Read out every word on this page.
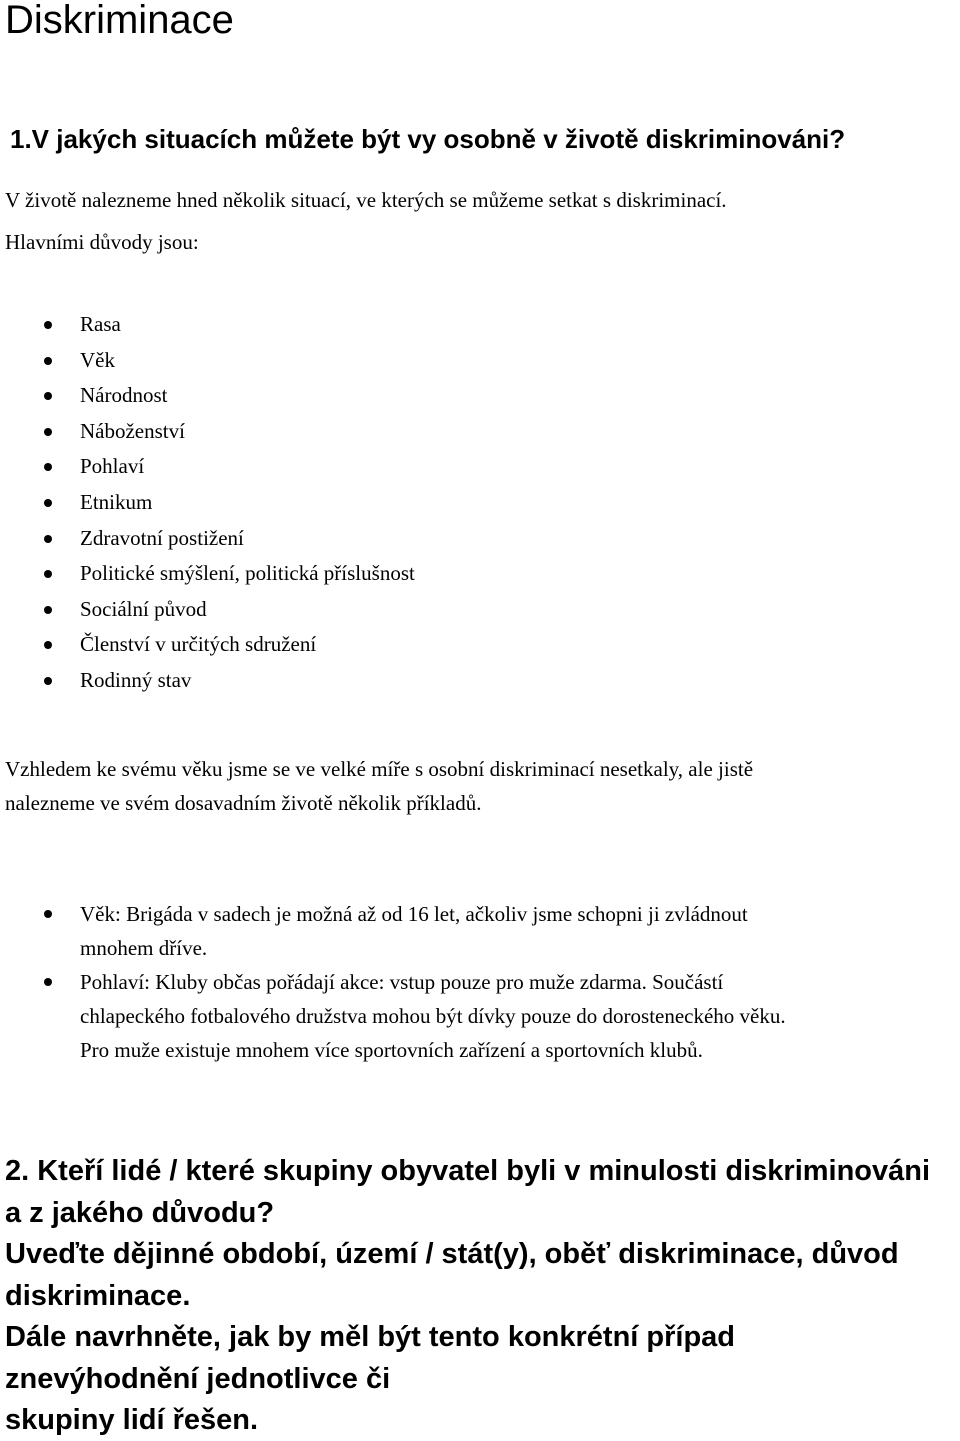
Diskriminace
1.V jakých situacích můžete být vy osobně v životě diskriminováni?

V životě nalezneme hned několik situací, ve kterých se můžeme setkat s diskriminací.

Hlavními důvody jsou:

Rasa
Věk
Národnost
Náboženství
Pohlaví
Etnikum
Zdravotní postižení
Politické smýšlení, politická příslušnost
Sociální původ
Členství v určitých sdružení
Rodinný stav

Vzhledem ke svému věku jsme se ve velké míře s osobní diskriminací nesetkaly, ale jistě

nalezneme ve svém dosavadním životě několik příkladů.

Věk: Brigáda v sadech je možná až od 16 let, ačkoliv jsme schopni ji zvládnout
mnohem dříve.
Pohlaví: Kluby občas pořádají akce: vstup pouze pro muže zdarma. Součástí
chlapeckého fotbalového družstva mohou být dívky pouze do dorosteneckého věku.
Pro muže existuje mnohem více sportovních zařízení a sportovních klubů.

2. Kteří lidé / které skupiny obyvatel byli v minulosti diskriminováni

a z jakého důvodu?

Uveďte dějinné období, území / stát(y), oběť diskriminace, důvod

diskriminace.

Dále navrhněte, jak by měl být tento konkrétní případ

znevýhodnění jednotlivce či

skupiny lidí řešen.
